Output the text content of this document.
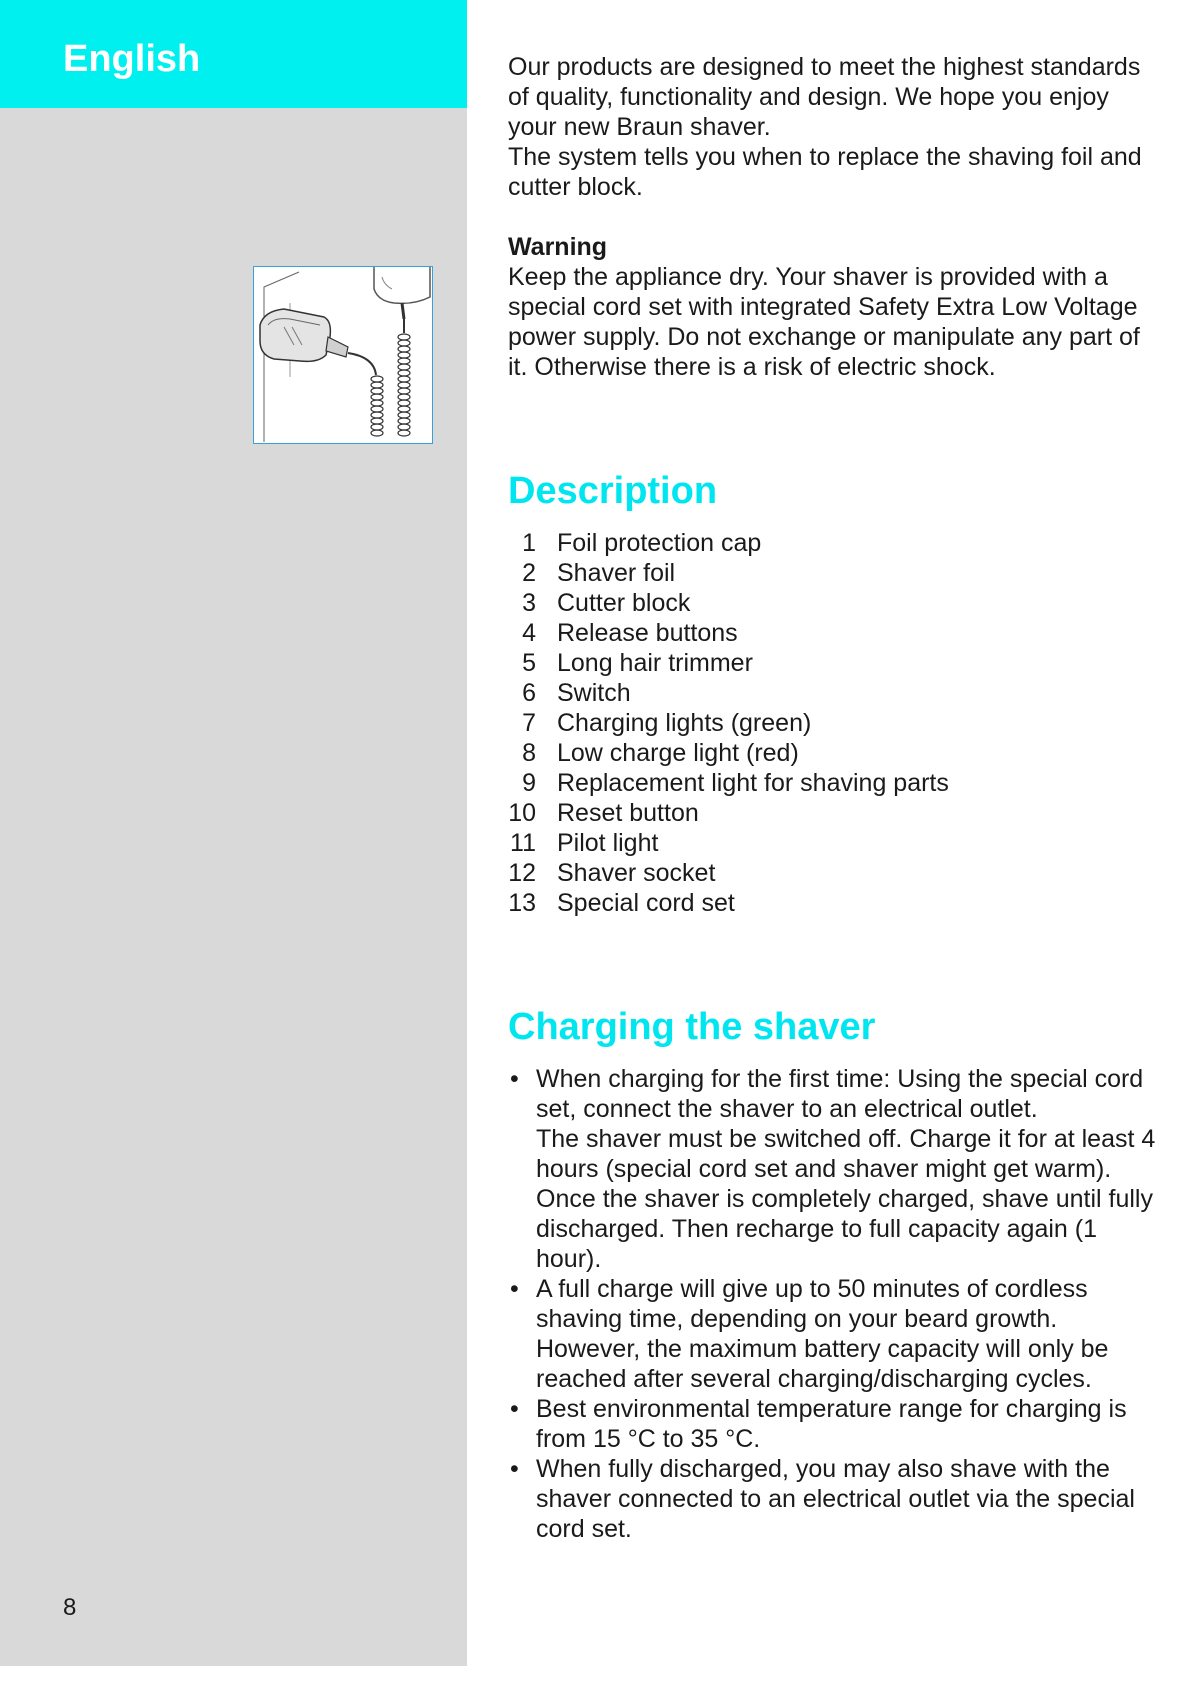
English
8

Our products are designed to meet the highest standards of quality, functionality and design. We hope you enjoy your new Braun shaver.

The system tells you when to replace the shaving foil and cutter block.

Warning

Keep the appliance dry. Your shaver is provided with a special cord set with integrated Safety Extra Low Voltage power supply. Do not exchange or manipulate any part of it. Otherwise there is a risk of electric shock.

Description
1 Foil protection cap
2 Shaver foil
3 Cutter block
4 Release buttons
5 Long hair trimmer
6 Switch
7 Charging lights (green)
8 Low charge light (red)
9 Replacement light for shaving parts
10 Reset button
11 Pilot light
12 Shaver socket
13 Special cord set
Charging the shaver
• When charging for the first time: Using the special cord set, connect the shaver to an electrical outlet.
The shaver must be switched off. Charge it for at least 4 hours (special cord set and shaver might get warm). Once the shaver is completely charged, shave until fully discharged. Then recharge to full capacity again (1 hour).
• A full charge will give up to 50 minutes of cordless shaving time, depending on your beard growth. However, the maximum battery capacity will only be reached after several charging/discharging cycles.
• Best environmental temperature range for charging is from 15 °C to 35 °C.
• When fully discharged, you may also shave with the shaver connected to an electrical outlet via the special cord set.
